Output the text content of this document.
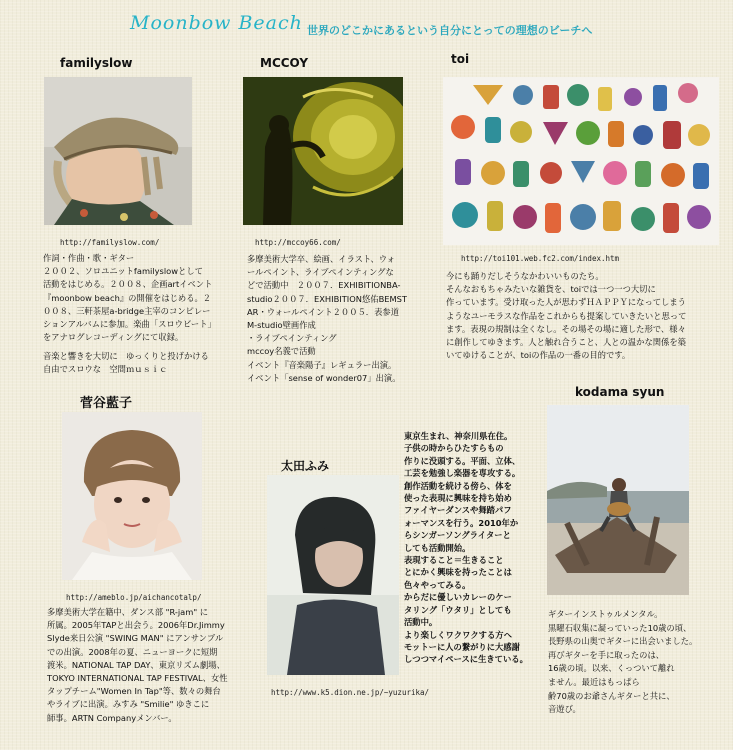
Moonbow Beach 世界のどこかにあるという自分にとっての理想のビーチへ
familyslow
http://familyslow.com/

作詞・作曲・歌・ギター

２００２、ソロユニットfamilyslowとして

活動をはじめる。２００８、企画artイベント

『moonbow beach』の開催をはじめる。２

００８、三軒茶屋a-bridge主宰のコンピレー

ションアルバムに参加。楽曲「スロウビート」

をアナログレコーディングにて収録。

音楽と響きを大切に　ゆっくりと投げかける

自由でスロウな　空間ｍｕｓｉｃ

MCCOY
http://mccoy66.com/

多摩美術大学卒、絵画、イラスト、ウォ

ールペイント、ライブペインティングな

どで活動中　２００７．EXHIBITIONBA-

studio２００７．EXHIBITION悠佑BEMST

AR・ウォールペイント２００５．表参道

M-studio壁画作成

・ライブペインティング

mccoy名義で活動

イベント『音楽陽子』レギュラー出演。

イベント「sense of wonder07」出演。

toi
http://toi101.web.fc2.com/index.htm

今にも踊りだしそうなかわいいものたち。

そんなおもちゃみたいな雑貨を、toiでは一つ一つ大切に

作っています。受け取った人が思わずＨＡＰＰＹになってしまう

ようなユーモラスな作品をこれからも提案していきたいと思って

ます。表現の規制は全くなし。その場その場に適した形で、様々

に創作してゆきます。人と触れ合うこと、人との温かな関係を築

いてゆけることが、toiの作品の一番の目的です。

菅谷藍子
http://ameblo.jp/aichancotalp/

多摩美術大学在籍中、ダンス部 "R-jam" に

所属。2005年TAPと出会う。2006年Dr.Jimmy

Slyde来日公演 "SWING MAN" にアンサンブル

での出演。2008年の夏、ニューヨークに短期

渡米。NATIONAL TAP DAY、東京リズム劇場、

TOKYO INTERNATIONAL TAP FESTIVAL、女性

タップチーム"Women In Tap"等、数々の舞台

やライブに出演。みすみ "Smilie" ゆきこに

師事。ARTN Companyメンバー。

太田ふみ
http://www.k5.dion.ne.jp/~yuzurika/

東京生まれ、神奈川県在住。

子供の時からひたすらもの

作りに没頭する。平面、立体、

工芸を勉強し楽器を専攻する。

創作活動を続ける傍ら、体を

使った表現に興味を持ち始め

ファイヤーダンスや舞踏パフ

ォーマンスを行う。2010年か

らシンガーソングライターと

しても活動開始。

表現すること＝生きること

とにかく興味を持ったことは

色々やってみる。

からだに優しいカレーのケー

タリング「ウタリ」としても

活動中。

より楽しくワクワクする方へ

モットーに人の繋がりに大感謝

しつつマイペースに生きている。

kodama syun

ギターインストゥルメンタル。

黒曜石収集に凝っていった10歳の頃、

長野県の山奥でギターに出会いました。

再びギターを手に取ったのは、

16歳の頃。以来、くっついて離れ

ません。最近はもっぱら

齢70歳のお爺さんギターと共に、

音遊び。
